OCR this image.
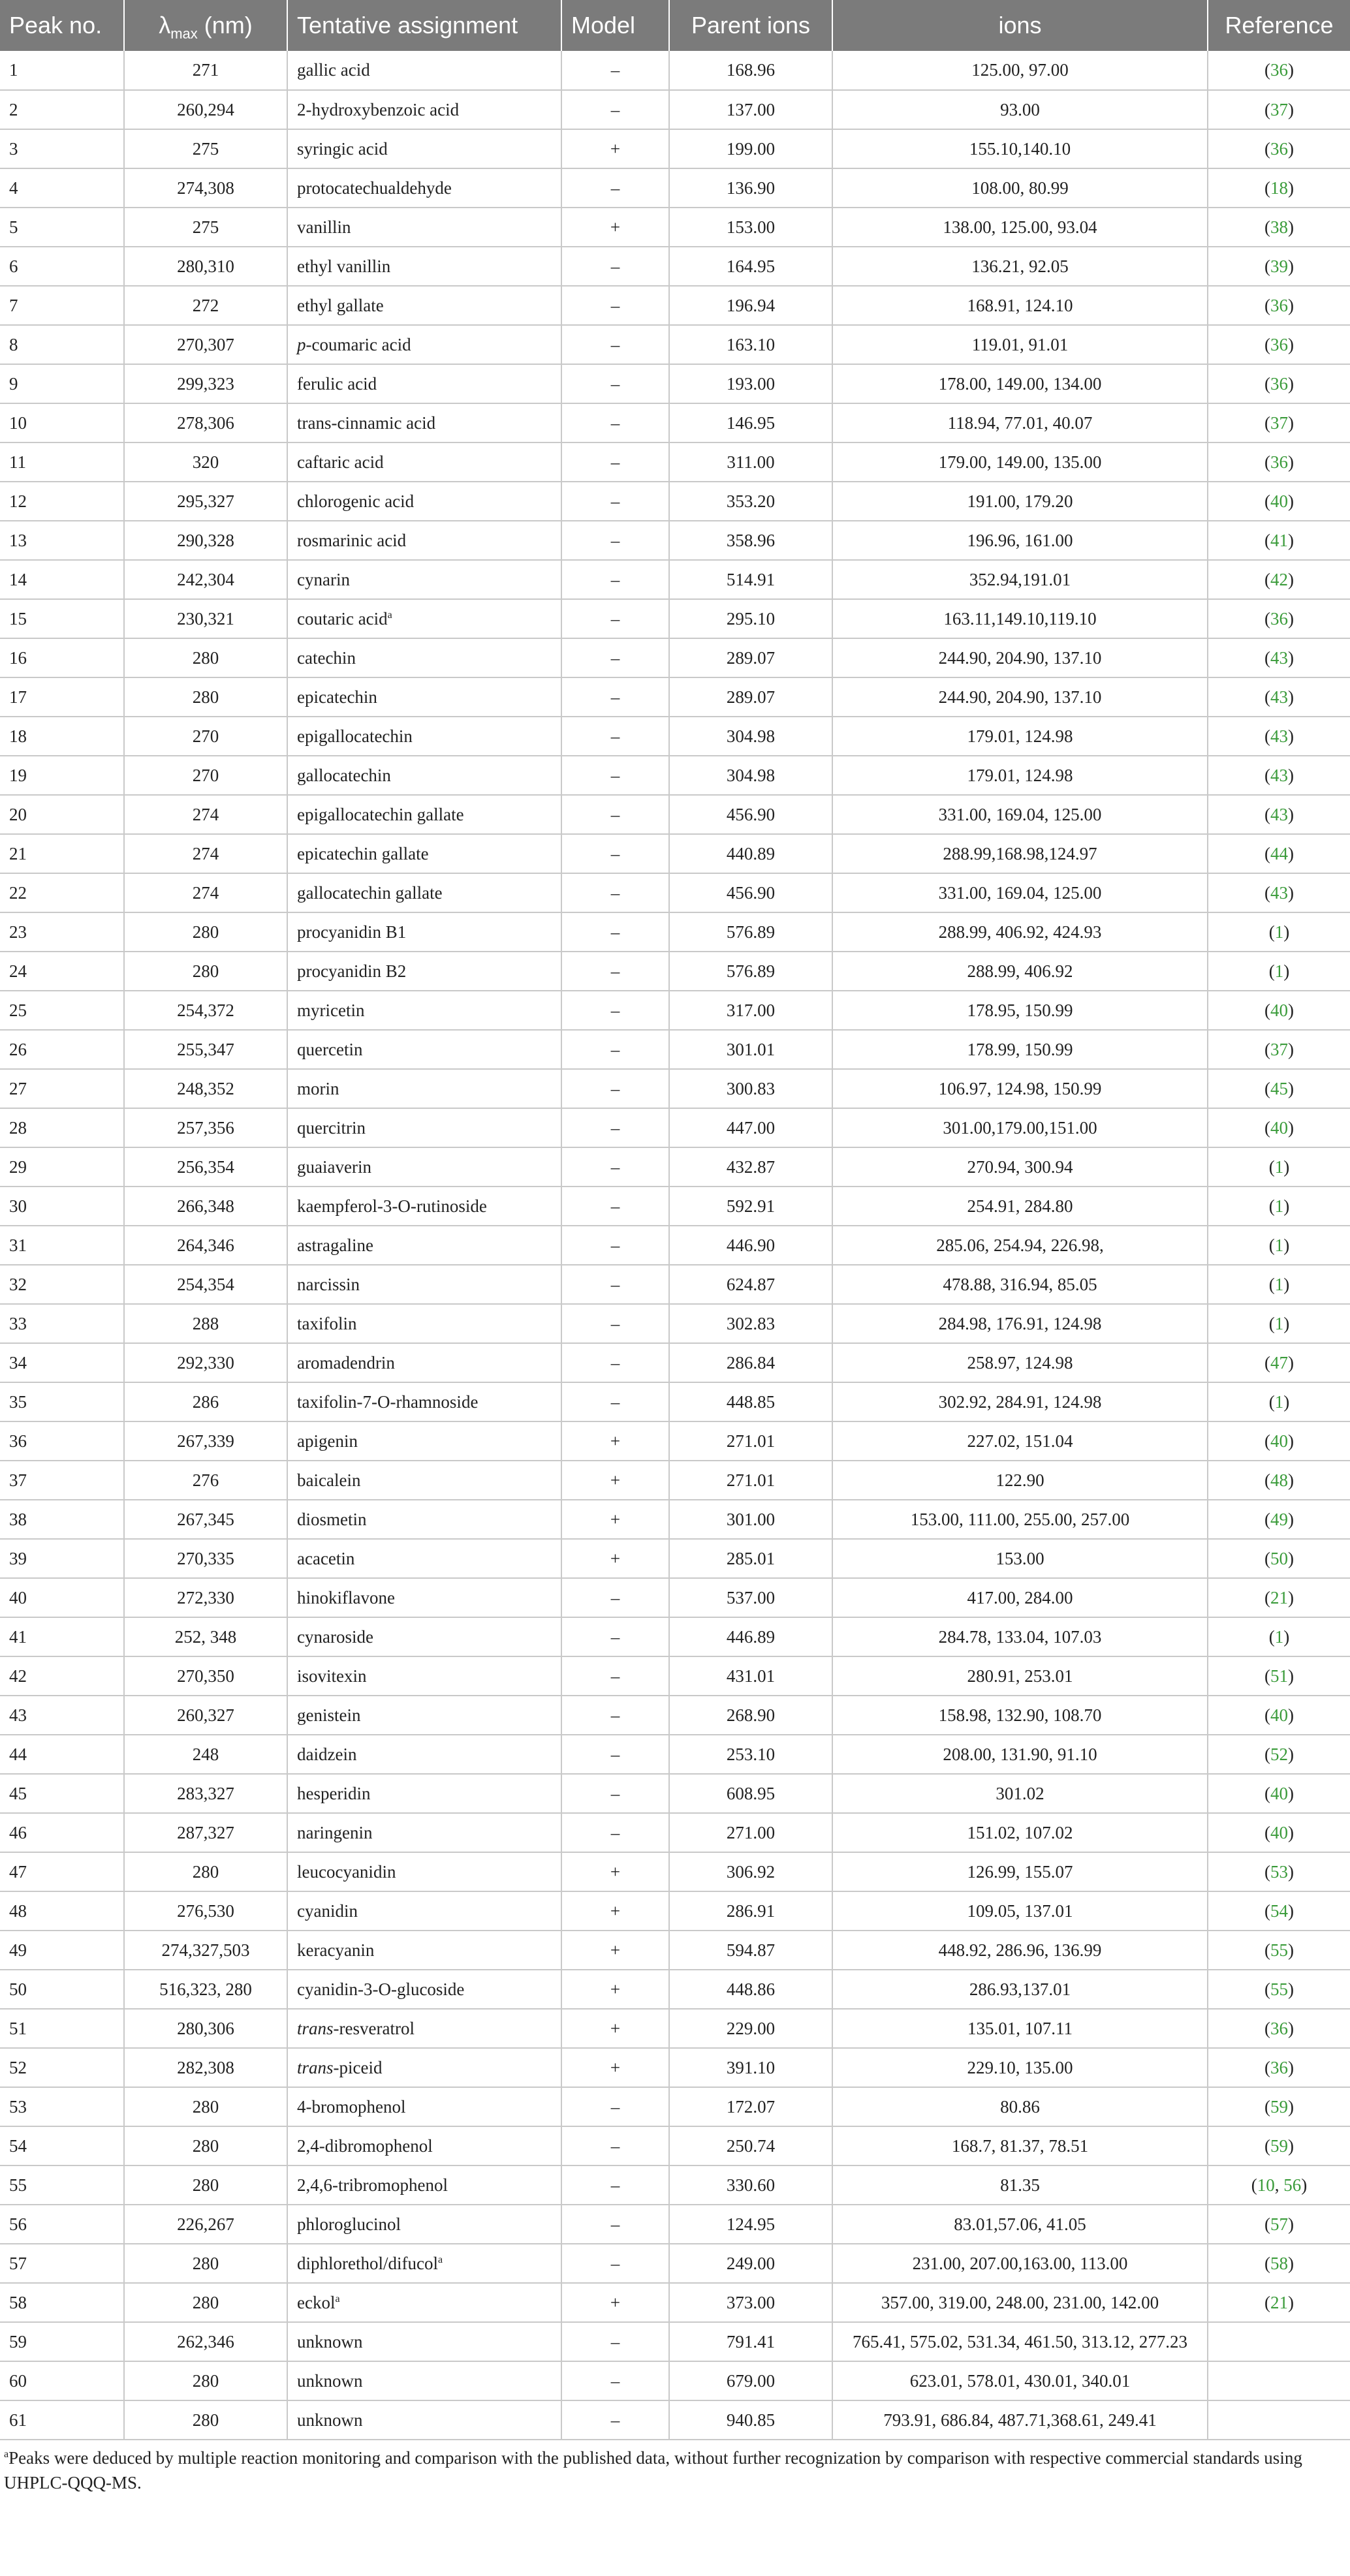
Peak no.	$\lambda_{max}$ (nm)	Tentative assignment	Model	Parent ions	ions	Reference
1	271	gallic acid	–	168.96	125.00, 97.00	(36)
2	260,294	2-hydroxybenzoic acid	–	137.00	93.00	(37)
3	275	syringic acid	+	199.00	155.10,140.10	(36)
4	274,308	protocatechualdehyde	–	136.90	108.00, 80.99	(18)
5	275	vanillin	+	153.00	138.00, 125.00, 93.04	(38)
6	280,310	ethyl vanillin	–	164.95	136.21, 92.05	(39)
7	272	ethyl gallate	–	196.94	168.91, 124.10	(36)
8	270,307	p-coumaric acid	–	163.10	119.01, 91.01	(36)
9	299,323	ferulic acid	–	193.00	178.00, 149.00, 134.00	(36)
10	278,306	trans-cinnamic acid	–	146.95	118.94, 77.01, 40.07	(37)
11	320	caftaric acid	–	311.00	179.00, 149.00, 135.00	(36)
12	295,327	chlorogenic acid	–	353.20	191.00, 179.20	(40)
13	290,328	rosmarinic acid	–	358.96	196.96, 161.00	(41)
14	242,304	cynarin	–	514.91	352.94,191.01	(42)
15	230,321	coutaric acid$^a$	–	295.10	163.11,149.10,119.10	(36)
16	280	catechin	–	289.07	244.90, 204.90, 137.10	(43)
17	280	epicatechin	–	289.07	244.90, 204.90, 137.10	(43)
18	270	epigallocatechin	–	304.98	179.01, 124.98	(43)
19	270	gallocatechin	–	304.98	179.01, 124.98	(43)
20	274	epigallocatechin gallate	–	456.90	331.00, 169.04, 125.00	(43)
21	274	epicatechin gallate	–	440.89	288.99,168.98,124.97	(44)
22	274	gallocatechin gallate	–	456.90	331.00, 169.04, 125.00	(43)
23	280	procyanidin B1	–	576.89	288.99, 406.92, 424.93	(1)
24	280	procyanidin B2	–	576.89	288.99, 406.92	(1)
25	254,372	myricetin	–	317.00	178.95, 150.99	(40)
26	255,347	quercetin	–	301.01	178.99, 150.99	(37)
27	248,352	morin	–	300.83	106.97, 124.98, 150.99	(45)
28	257,356	quercitrin	–	447.00	301.00,179.00,151.00	(40)
29	256,354	guaiaverin	–	432.87	270.94, 300.94	(1)
30	266,348	kaempferol-3-O-rutinoside	–	592.91	254.91, 284.80	(1)
31	264,346	astragaline	–	446.90	285.06, 254.94, 226.98,	(1)
32	254,354	narcissin	–	624.87	478.88, 316.94, 85.05	(1)
33	288	taxifolin	–	302.83	284.98, 176.91, 124.98	(1)
34	292,330	aromadendrin	–	286.84	258.97, 124.98	(47)
35	286	taxifolin-7-O-rhamnoside	–	448.85	302.92, 284.91, 124.98	(1)
36	267,339	apigenin	+	271.01	227.02, 151.04	(40)
37	276	baicalein	+	271.01	122.90	(48)
38	267,345	diosmetin	+	301.00	153.00, 111.00, 255.00, 257.00	(49)
39	270,335	acacetin	+	285.01	153.00	(50)
40	272,330	hinokiflavone	–	537.00	417.00, 284.00	(21)
41	252, 348	cynaroside	–	446.89	284.78, 133.04, 107.03	(1)
42	270,350	isovitexin	–	431.01	280.91, 253.01	(51)
43	260,327	genistein	–	268.90	158.98, 132.90, 108.70	(40)
44	248	daidzein	–	253.10	208.00, 131.90, 91.10	(52)
45	283,327	hesperidin	–	608.95	301.02	(40)
46	287,327	naringenin	–	271.00	151.02, 107.02	(40)
47	280	leucocyanidin	+	306.92	126.99, 155.07	(53)
48	276,530	cyanidin	+	286.91	109.05, 137.01	(54)
49	274,327,503	keracyanin	+	594.87	448.92, 286.96, 136.99	(55)
50	516,323, 280	cyanidin-3-O-glucoside	+	448.86	286.93,137.01	(55)
51	280,306	trans-resveratrol	+	229.00	135.01, 107.11	(36)
52	282,308	trans-piceid	+	391.10	229.10, 135.00	(36)
53	280	4-bromophenol	–	172.07	80.86	(59)
54	280	2,4-dibromophenol	–	250.74	168.7, 81.37, 78.51	(59)
55	280	2,4,6-tribromophenol	–	330.60	81.35	(10, 56)
56	226,267	phloroglucinol	–	124.95	83.01,57.06, 41.05	(57)
57	280	diphlorethol/difucol$^a$	–	249.00	231.00, 207.00,163.00, 113.00	(58)
58	280	eckol$^a$	+	373.00	357.00, 319.00, 248.00, 231.00, 142.00	(21)
59	262,346	unknown	–	791.41	765.41, 575.02, 531.34, 461.50, 313.12, 277.23	
60	280	unknown	–	679.00	623.01, 578.01, 430.01, 340.01	
61	280	unknown	–	940.85	793.91, 686.84, 487.71,368.61, 249.41	
$^a$Peaks were deduced by multiple reaction monitoring and comparison with the published data, without further recognization by comparison with respective commercial standards using UHPLC-QQQ-MS.
